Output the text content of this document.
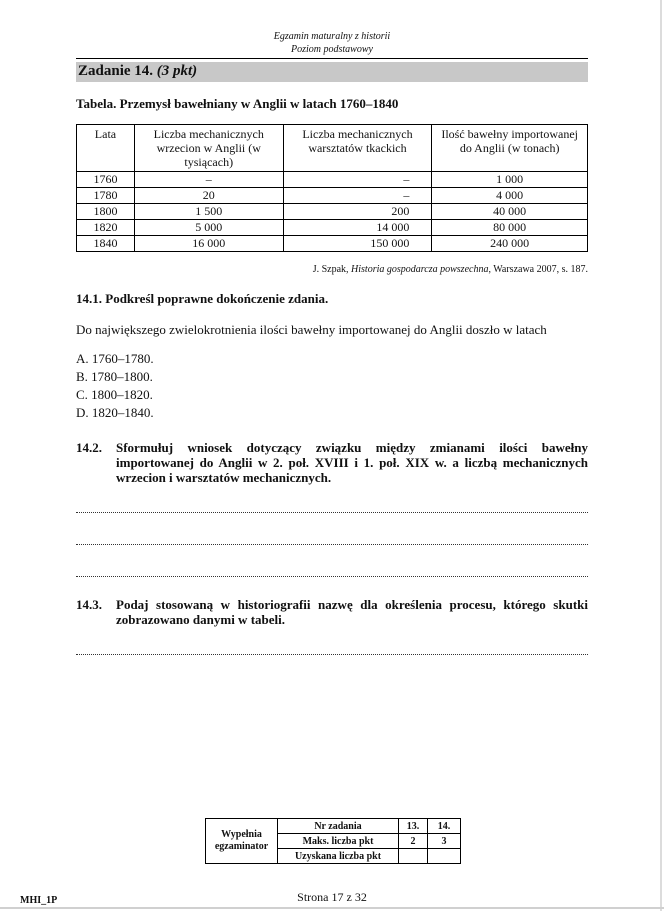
Egzamin maturalny z historii
Poziom podstawowy
Zadanie 14. (3 pkt)
Tabela. Przemysł bawełniany w Anglii w latach 1760–1840
Lata	Liczba mechanicznych wrzecion w Anglii (w tysiącach)	Liczba mechanicznych warsztatów tkackich	Ilość bawełny importowanej do Anglii (w tonach)
1760	–	–	1 000
1780	20	–	4 000
1800	1 500	200	40 000
1820	5 000	14 000	80 000
1840	16 000	150 000	240 000
J. Szpak, Historia gospodarcza powszechna, Warszawa 2007, s. 187.
14.1. Podkreśl poprawne dokończenie zdania.
Do największego zwielokrotnienia ilości bawełny importowanej do Anglii doszło w latach
A. 1760–1780.
B. 1780–1800.
C. 1800–1820.
D. 1820–1840.
14.2. Sformułuj wniosek dotyczący związku między zmianami ilości bawełny importowanej do Anglii w 2. poł. XVIII i 1. poł. XIX w. a liczbą mechanicznych wrzecion i warsztatów mechanicznych.
14.3. Podaj stosowaną w historiografii nazwę dla określenia procesu, którego skutki zobrazowano danymi w tabeli.
Wypełnia egzaminator	Nr zadania	13.	14.
	Maks. liczba pkt	2	3
	Uzyskana liczba pkt		
MHI_1P	Strona 17 z 32
